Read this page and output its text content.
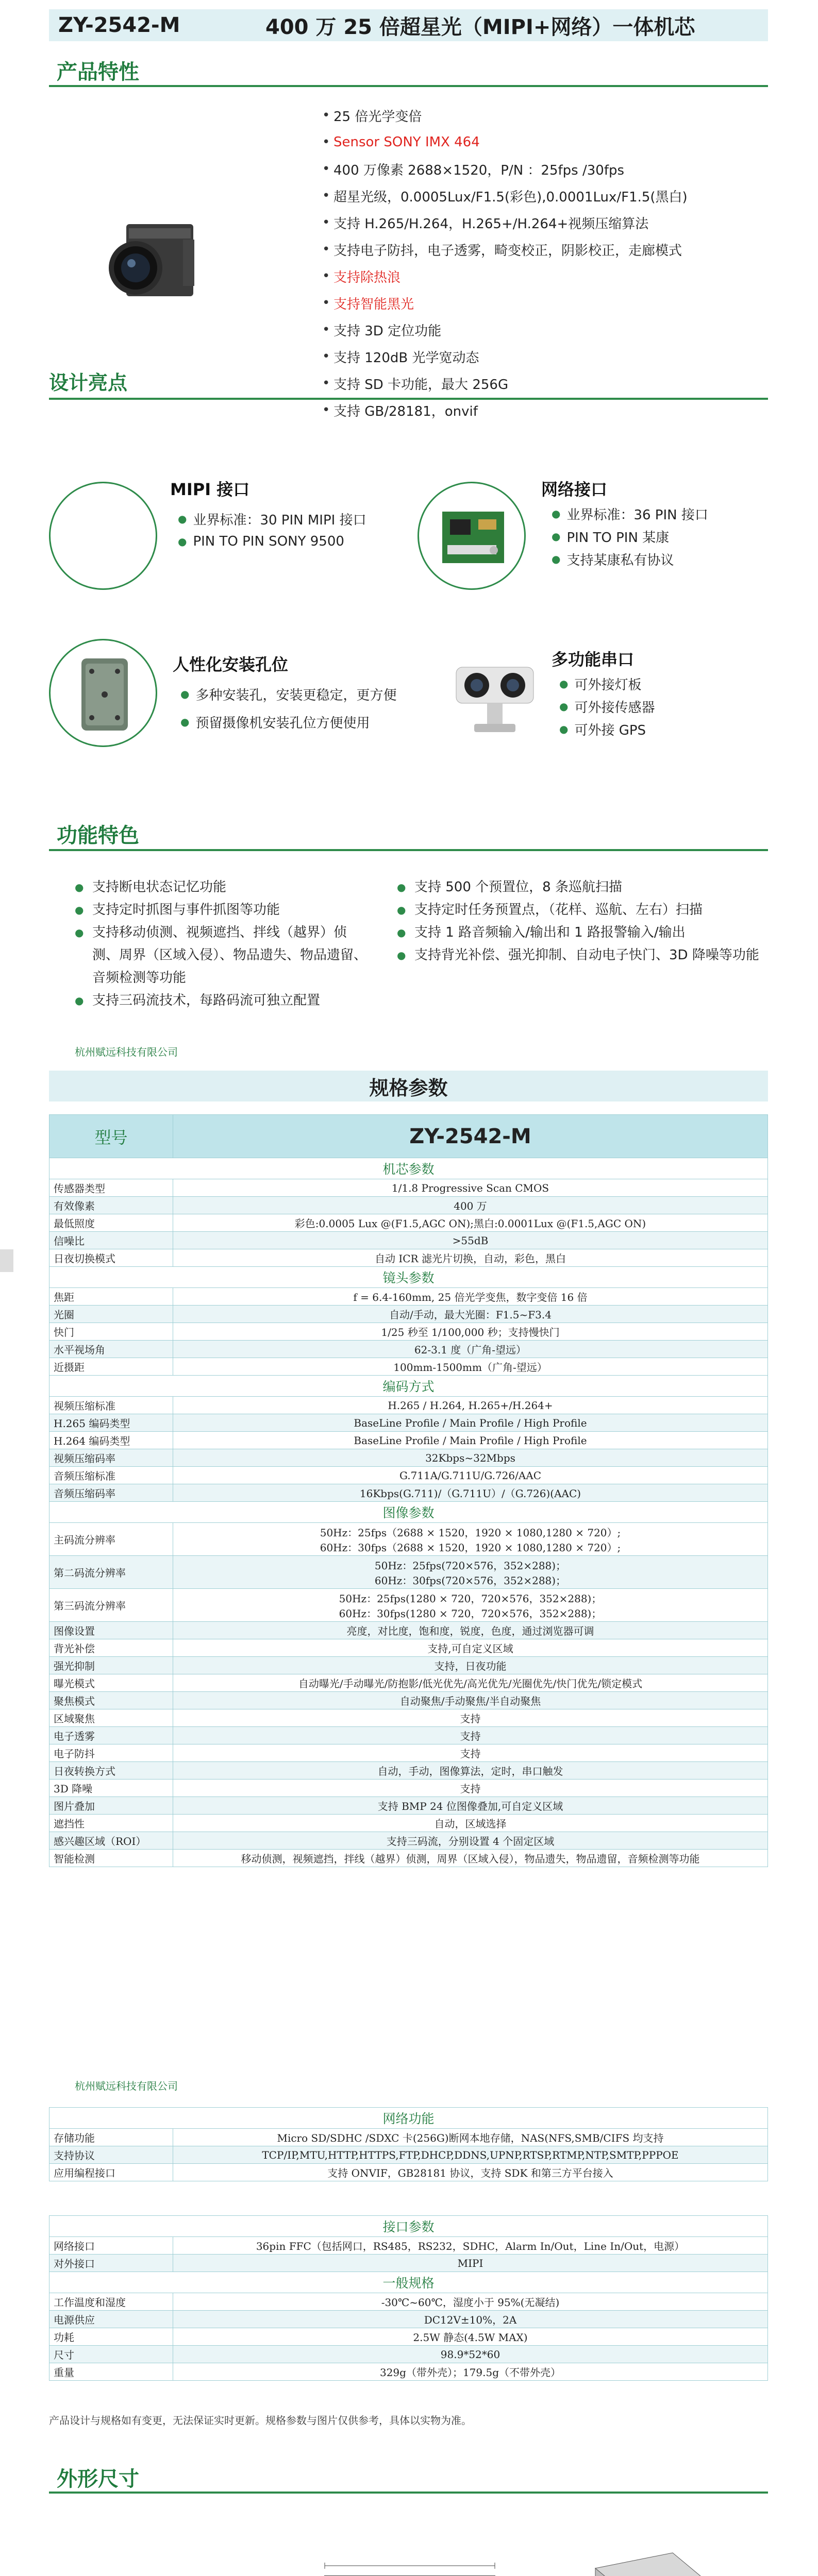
ZY-2542-M	400 万 25 倍超星光（MIPI+网络）一体机芯
产品特性
• 25 倍光学变倍
• Sensor SONY IMX 464
• 400 万像素 2688×1520，P/N ：25fps /30fps
• 超星光级，0.0005Lux/F1.5(彩色),0.0001Lux/F1.5(黑白)
• 支持 H.265/H.264，H.265+/H.264+视频压缩算法
• 支持电子防抖，电子透雾，畸变校正，阴影校正，走廊模式
• 支持除热浪
• 支持智能黑光
• 支持 3D 定位功能
• 支持 120dB 光学宽动态
• 支持 SD 卡功能，最大 256G
• 支持 GB/28181，onvif
设计亮点
MIPI 接口
● 业界标准：30 PIN MIPI 接口
● PIN TO PIN SONY 9500
网络接口
● 业界标准：36 PIN 接口
● PIN TO PIN 某康
● 支持某康私有协议
人性化安装孔位
● 多种安装孔，安装更稳定，更方便
● 预留摄像机安装孔位方便使用
多功能串口
● 可外接灯板
● 可外接传感器
● 可外接 GPS
功能特色
● 支持断电状态记忆功能
● 支持定时抓图与事件抓图等功能
● 支持移动侦测、视频遮挡、拌线（越界）侦测、周界（区域入侵）、物品遗失、物品遗留、音频检测等功能
● 支持三码流技术，每路码流可独立配置
● 支持 500 个预置位，8 条巡航扫描
● 支持定时任务预置点，（花样、巡航、左右）扫描
● 支持 1 路音频输入/输出和 1 路报警输入/输出
● 支持背光补偿、强光抑制、自动电子快门、3D 降噪等功能
杭州赋远科技有限公司
规格参数
型号	ZY-2542-M
机芯参数	
传感器类型	1/1.8 Progressive Scan CMOS
有效像素	400 万
最低照度	彩色:0.0005 Lux @(F1.5,AGC ON);黑白:0.0001Lux @(F1.5,AGC ON)
信噪比	>55dB
日夜切换模式	自动 ICR 滤光片切换，自动，彩色，黑白
镜头参数	
焦距	f = 6.4-160mm, 25 倍光学变焦，数字变倍 16 倍
光圈	自动/手动，最大光圈：F1.5~F3.4
快门	1/25 秒至 1/100,000 秒；支持慢快门
水平视场角	62-3.1 度（广角-望远）
近摄距	100mm-1500mm（广角-望远）
编码方式	
视频压缩标准	H.265 / H.264, H.265+/H.264+
H.265 编码类型	BaseLine Profile / Main Profile / High Profile
H.264 编码类型	BaseLine Profile / Main Profile / High Profile
视频压缩码率	32Kbps~32Mbps
音频压缩标准	G.711A/G.711U/G.726/AAC
音频压缩码率	16Kbps(G.711)/（G.711U）/（G.726)(AAC)
图像参数	
主码流分辨率	50Hz：25fps（2688 × 1520，1920 × 1080,1280 × 720）;
60Hz：30fps（2688 × 1520，1920 × 1080,1280 × 720）;
第二码流分辨率	50Hz：25fps(720×576，352×288)；
60Hz：30fps(720×576，352×288)；
第三码流分辨率	50Hz：25fps(1280 × 720，720×576，352×288)；
60Hz：30fps(1280 × 720，720×576，352×288)；
图像设置	亮度，对比度，饱和度，锐度，色度，通过浏览器可调
背光补偿	支持,可自定义区域
强光抑制	支持，日夜功能
曝光模式	自动曝光/手动曝光/防抱影/低光优先/高光优先/光圈优先/快门优先/锁定模式
聚焦模式	自动聚焦/手动聚焦/半自动聚焦
区域聚焦	支持
电子透雾	支持
电子防抖	支持
日夜转换方式	自动，手动，图像算法，定时，串口触发
3D 降噪	支持
图片叠加	支持 BMP 24 位图像叠加,可自定义区域
遮挡性	自动，区域选择
感兴趣区域（ROI）	支持三码流，分别设置 4 个固定区域
智能检测	移动侦测，视频遮挡，拌线（越界）侦测，周界（区域入侵），物品遗失，物品遗留，音频检测等功能
杭州赋远科技有限公司
网络功能	
存储功能	Micro SD/SDHC /SDXC 卡(256G)断网本地存储，NAS(NFS,SMB/CIFS 均支持
支持协议	TCP/IP,MTU,HTTP,HTTPS,FTP,DHCP,DDNS,UPNP,RTSP,RTMP,NTP,SMTP,PPPOE
应用编程接口	支持 ONVIF，GB28181 协议，支持 SDK 和第三方平台接入
接口参数	
网络接口	36pin FFC（包括网口，RS485，RS232，SDHC，Alarm In/Out，Line In/Out，电源）
对外接口	MIPI
一般规格	
工作温度和湿度	-30℃~60℃，湿度小于 95%(无凝结)
电源供应	DC12V±10%，2A
功耗	2.5W 静态(4.5W MAX)
尺寸	98.9*52*60
重量	329g（带外壳）；179.5g（不带外壳）
产品设计与规格如有变更，无法保证实时更新。规格参数与图片仅供参考，具体以实物为准。
外形尺寸
